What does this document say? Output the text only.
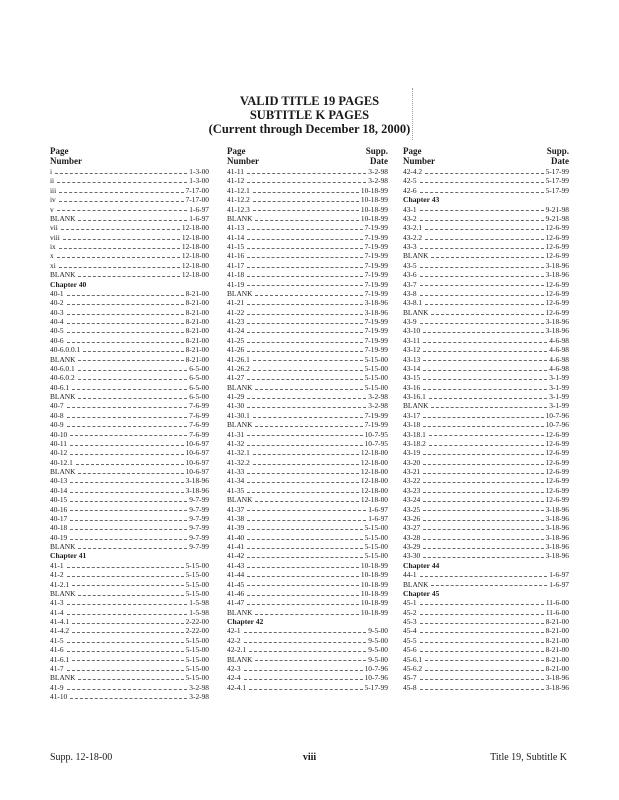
VALID TITLE 19 PAGES
SUBTITLE K PAGES
(Current through December 18, 2000)
Page
Number
i	1-3-00
ii	1-3-00
iii	7-17-00
iv	7-17-00
v	1-6-97
BLANK	1-6-97
vii	12-18-00
viii	12-18-00
ix	12-18-00
x	12-18-00
xi	12-18-00
BLANK	12-18-00
Chapter 40
40-1	8-21-00
40-2	8-21-00
40-3	8-21-00
40-4	8-21-00
40-5	8-21-00
40-6	8-21-00
40-6.0.0.1	8-21-00
BLANK	8-21-00
40-6.0.1	6-5-00
40-6.0.2	6-5-00
40-6.1	6-5-00
BLANK	6-5-00
40-7	7-6-99
40-8	7-6-99
40-9	7-6-99
40-10	7-6-99
40-11	10-6-97
40-12	10-6-97
40-12.1	10-6-97
BLANK	10-6-97
40-13	3-18-96
40-14	3-18-96
40-15	9-7-99
40-16	9-7-99
40-17	9-7-99
40-18	9-7-99
40-19	9-7-99
BLANK	9-7-99
Chapter 41
41-1	5-15-00
41-2	5-15-00
41-2.1	5-15-00
BLANK	5-15-00
41-3	1-5-98
41-4	1-5-98
41-4.1	2-22-00
41-4.2	2-22-00
41-5	5-15-00
41-6	5-15-00
41-6.1	5-15-00
41-7	5-15-00
BLANK	5-15-00
41-9	3-2-98
41-10	3-2-98
Page
Number
Supp.
Date
41-11	3-2-98
41-12	3-2-98
41-12.1	10-18-99
41-12.2	10-18-99
41-12.3	10-18-99
BLANK	10-18-99
41-13	7-19-99
41-14	7-19-99
41-15	7-19-99
41-16	7-19-99
41-17	7-19-99
41-18	7-19-99
41-19	7-19-99
BLANK	7-19-99
41-21	3-18-96
41-22	3-18-96
41-23	7-19-99
41-24	7-19-99
41-25	7-19-99
41-26	7-19-99
41-26.1	5-15-00
41-26.2	5-15-00
41-27	5-15-00
BLANK	5-15-00
41-29	3-2-98
41-30	3-2-98
41-30.1	7-19-99
BLANK	7-19-99
41-31	10-7-95
41-32	10-7-95
41-32.1	12-18-00
41-32.2	12-18-00
41-33	12-18-00
41-34	12-18-00
41-35	12-18-00
BLANK	12-18-00
41-37	1-6-97
41-38	1-6-97
41-39	5-15-00
41-40	5-15-00
41-41	5-15-00
41-42	5-15-00
41-43	10-18-99
41-44	10-18-99
41-45	10-18-99
41-46	10-18-99
41-47	10-18-99
BLANK	10-18-99
Chapter 42
42-1	9-5-00
42-2	9-5-00
42-2.1	9-5-00
BLANK	9-5-00
42-3	10-7-96
42-4	10-7-96
42-4.1	5-17-99
Page
Number
Supp.
Date
42-4.2	5-17-99
42-5	5-17-99
42-6	5-17-99
Chapter 43
43-1	9-21-98
43-2	9-21-98
43-2.1	12-6-99
43-2.2	12-6-99
43-3	12-6-99
BLANK	12-6-99
43-5	3-18-96
43-6	3-18-96
43-7	12-6-99
43-8	12-6-99
43-8.1	12-6-99
BLANK	12-6-99
43-9	3-18-96
43-10	3-18-96
43-11	4-6-98
43-12	4-6-98
43-13	4-6-98
43-14	4-6-98
43-15	3-1-99
43-16	3-1-99
43-16.1	3-1-99
BLANK	3-1-99
43-17	10-7-96
43-18	10-7-96
43-18.1	12-6-99
43-18.2	12-6-99
43-19	12-6-99
43-20	12-6-99
43-21	12-6-99
43-22	12-6-99
43-23	12-6-99
43-24	12-6-99
43-25	3-18-96
43-26	3-18-96
43-27	3-18-96
43-28	3-18-96
43-29	3-18-96
43-30	3-18-96
Chapter 44
44-1	1-6-97
BLANK	1-6-97
Chapter 45
45-1	11-6-00
45-2	11-6-00
45-3	8-21-00
45-4	8-21-00
45-5	8-21-00
45-6	8-21-00
45-6.1	8-21-00
45-6.2	8-21-00
45-7	3-18-96
45-8	3-18-96
Supp. 12-18-00	viii	Title 19, Subtitle K
